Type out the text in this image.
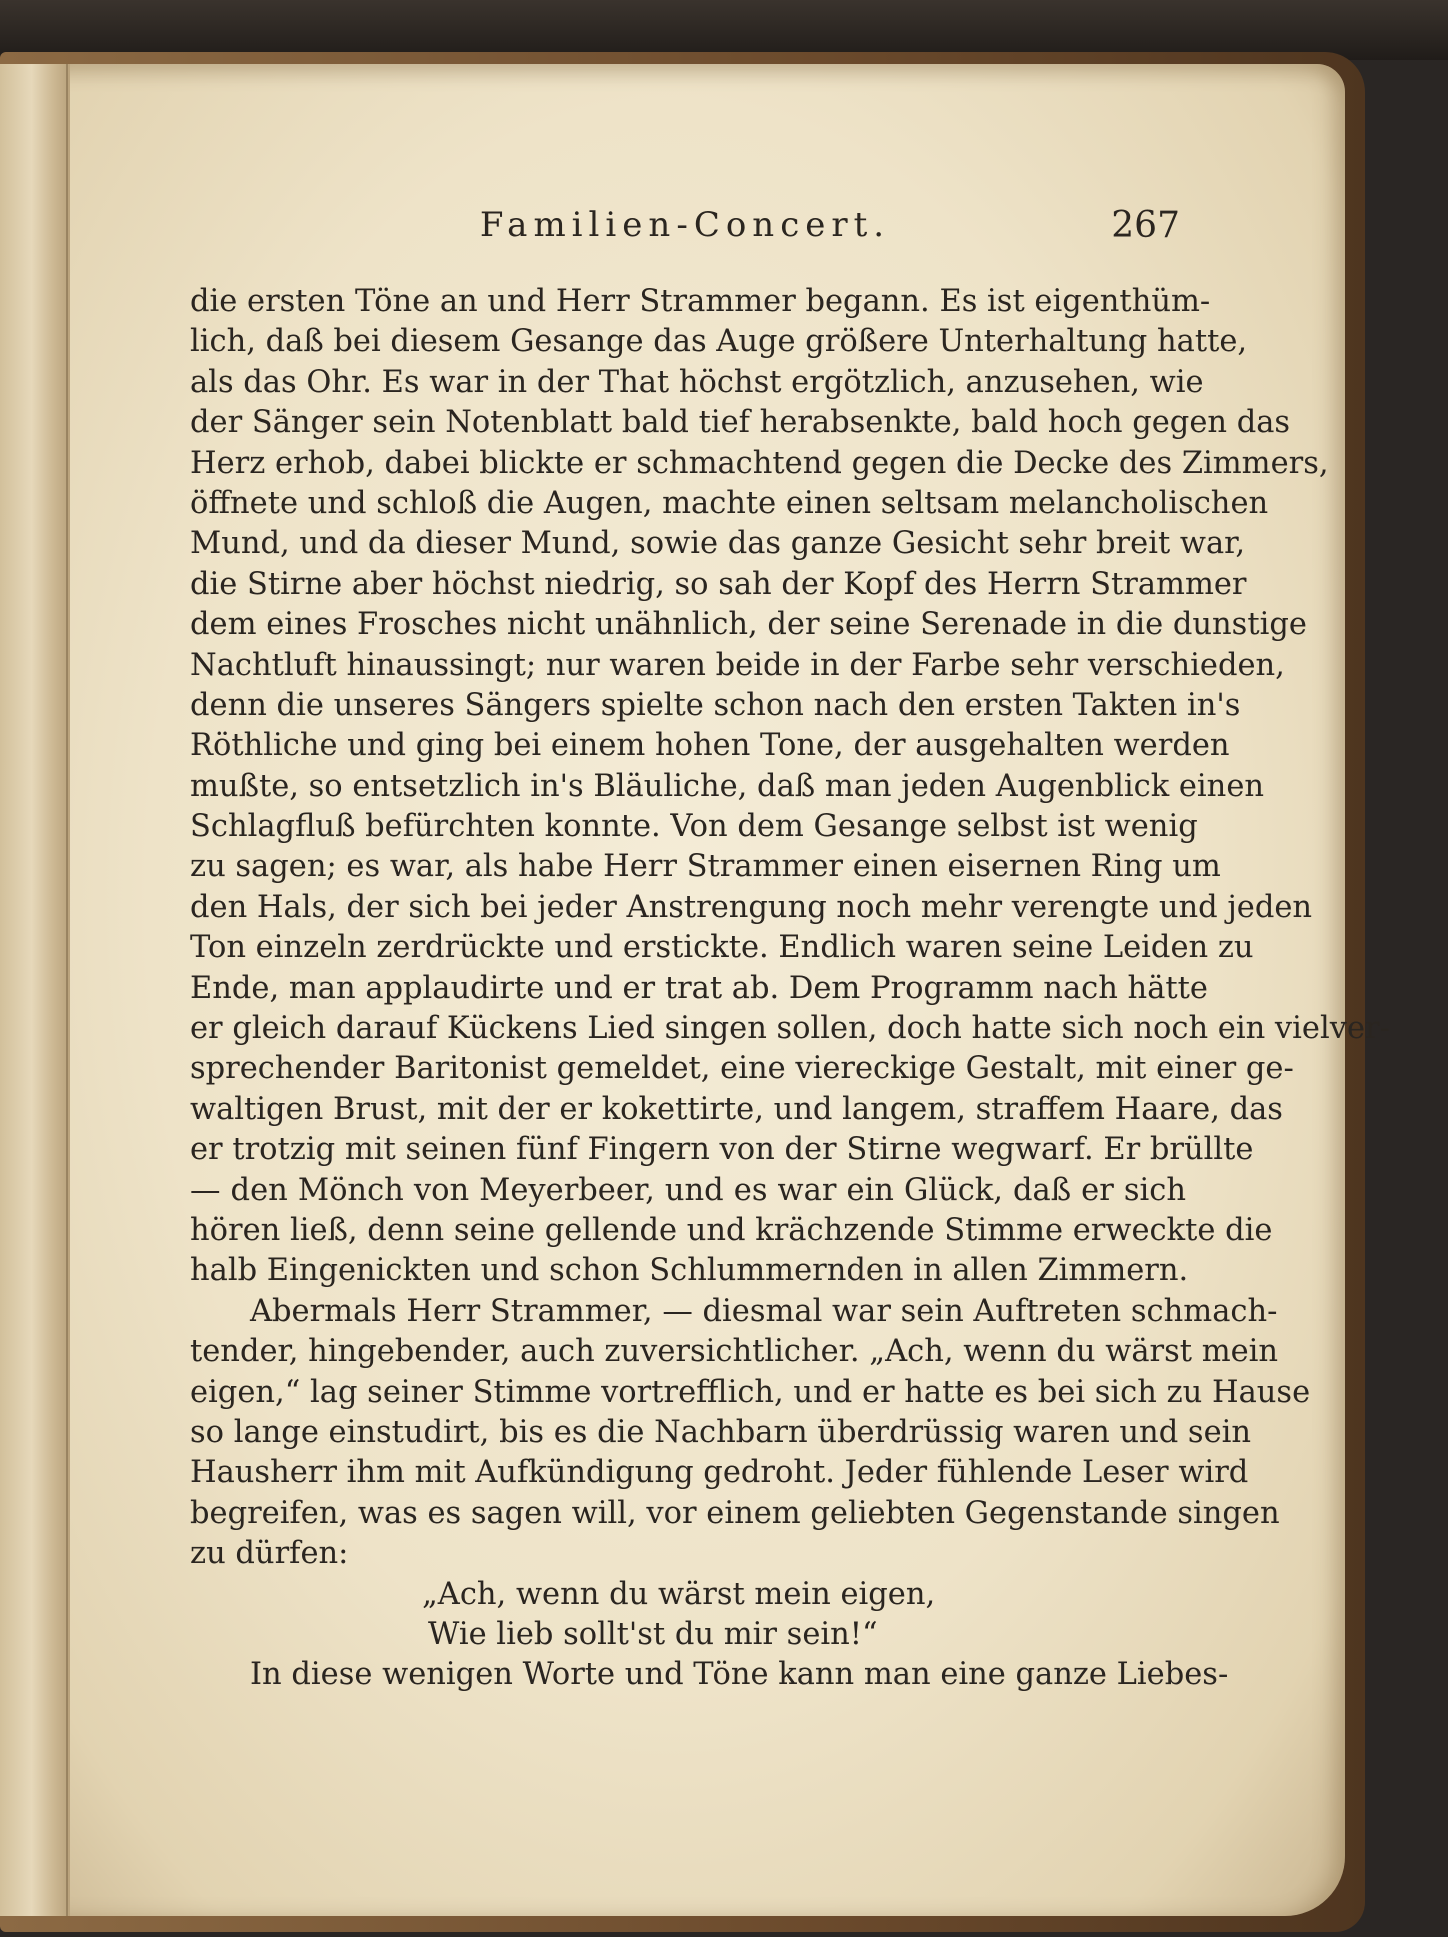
Familien-Concert.	267
die ersten Töne an und Herr Strammer begann. Es ist eigenthüm-
lich, daß bei diesem Gesange das Auge größere Unterhaltung hatte,
als das Ohr. Es war in der That höchst ergötzlich, anzusehen, wie
der Sänger sein Notenblatt bald tief herabsenkte, bald hoch gegen das
Herz erhob, dabei blickte er schmachtend gegen die Decke des Zimmers,
öffnete und schloß die Augen, machte einen seltsam melancholischen
Mund, und da dieser Mund, sowie das ganze Gesicht sehr breit war,
die Stirne aber höchst niedrig, so sah der Kopf des Herrn Strammer
dem eines Frosches nicht unähnlich, der seine Serenade in die dunstige
Nachtluft hinaussingt; nur waren beide in der Farbe sehr verschieden,
denn die unseres Sängers spielte schon nach den ersten Takten in's
Röthliche und ging bei einem hohen Tone, der ausgehalten werden
mußte, so entsetzlich in's Bläuliche, daß man jeden Augenblick einen
Schlagfluß befürchten konnte. Von dem Gesange selbst ist wenig
zu sagen; es war, als habe Herr Strammer einen eisernen Ring um
den Hals, der sich bei jeder Anstrengung noch mehr verengte und jeden
Ton einzeln zerdrückte und erstickte. Endlich waren seine Leiden zu
Ende, man applaudirte und er trat ab. Dem Programm nach hätte
er gleich darauf Kückens Lied singen sollen, doch hatte sich noch ein vielver-
sprechender Baritonist gemeldet, eine viereckige Gestalt, mit einer ge-
waltigen Brust, mit der er kokettirte, und langem, straffem Haare, das
er trotzig mit seinen fünf Fingern von der Stirne wegwarf. Er brüllte
— den Mönch von Meyerbeer, und es war ein Glück, daß er sich
hören ließ, denn seine gellende und krächzende Stimme erweckte die
halb Eingenickten und schon Schlummernden in allen Zimmern.
Abermals Herr Strammer, — diesmal war sein Auftreten schmach-
tender, hingebender, auch zuversichtlicher. „Ach, wenn du wärst mein
eigen,“ lag seiner Stimme vortrefflich, und er hatte es bei sich zu Hause
so lange einstudirt, bis es die Nachbarn überdrüssig waren und sein
Hausherr ihm mit Aufkündigung gedroht. Jeder fühlende Leser wird
begreifen, was es sagen will, vor einem geliebten Gegenstande singen
zu dürfen:
„Ach, wenn du wärst mein eigen,
Wie lieb sollt'st du mir sein!“
In diese wenigen Worte und Töne kann man eine ganze Liebes-
